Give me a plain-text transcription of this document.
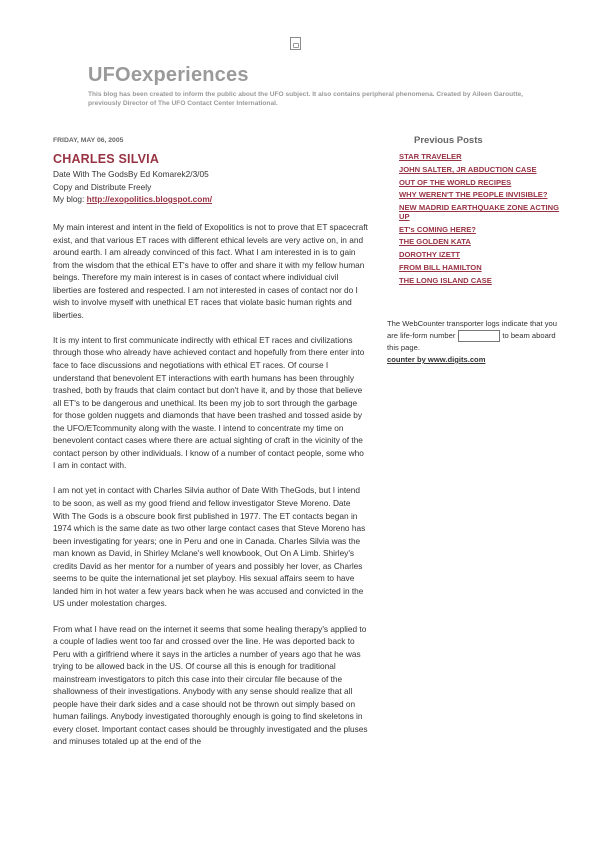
UFOexperiences

This blog has been created to inform the public about the UFO subject. It also contains peripheral phenomena. Created by Aileen Garoutte, previously Director of The UFO Contact Center International.

FRIDAY, MAY 06, 2005
CHARLES SILVIA
Date With The GodsBy Ed Komarek2/3/05
Copy and Distribute Freely
My blog: http://exopolitics.blogspot.com/

My main interest and intent in the field of Exopolitics is not to prove that ET spacecraft exist, and that various ET races with different ethical levels are very active on, in and around earth. I am already convinced of this fact. What I am interested in is to gain from the wisdom that the ethical ET's have to offer and share it with my fellow human beings. Therefore my main interest is in cases of contact where individual civil liberties are fostered and respected. I am not interested in cases of contact nor do I wish to involve myself with unethical ET races that violate basic human rights and liberties.

It is my intent to first communicate indirectly with ethical ET races and civilizations through those who already have achieved contact and hopefully from there enter into face to face discussions and negotiations with ethical ET races. Of course I understand that benevolent ET interactions with earth humans has been throughly trashed, both by frauds that claim contact but don't have it, and by those that believe all ET's to be dangerous and unethical. Its been my job to sort through the garbage for those golden nuggets and diamonds that have been trashed and tossed aside by the UFO/ETcommunity along with the waste. I intend to concentrate my time on benevolent contact cases where there are actual sighting of craft in the vicinity of the contact person by other individuals. I know of a number of contact people, some who I am in contact with.

I am not yet in contact with Charles Silvia author of Date With TheGods, but I intend to be soon, as well as my good friend and fellow investigator Steve Moreno. Date With The Gods is a obscure book first published in 1977. The ET contacts began in 1974 which is the same date as two other large contact cases that Steve Moreno has been investigating for years; one in Peru and one in Canada. Charles Silvia was the man known as David, in Shirley Mclane's well knowbook, Out On A Limb. Shirley's credits David as her mentor for a number of years and possibly her lover, as Charles seems to be quite the international jet set playboy. His sexual affairs seem to have landed him in hot water a few years back when he was accused and convicted in the US under molestation charges.

From what I have read on the internet it seems that some healing therapy's applied to a couple of ladies went too far and crossed over the line. He was deported back to Peru with a girlfriend where it says in the articles a number of years ago that he was trying to be allowed back in the US. Of course all this is enough for traditional mainstream investigators to pitch this case into their circular file because of the shallowness of their investigations. Anybody with any sense should realize that all people have their dark sides and a case should not be thrown out simply based on human failings. Anybody investigated thoroughly enough is going to find skeletons in every closet. Important contact cases should be throughly investigated and the pluses and minuses totaled up at the end of the

Previous Posts
STAR TRAVELER
JOHN SALTER, JR ABDUCTION CASE
OUT OF THE WORLD RECIPES
WHY WEREN'T THE PEOPLE INVISIBLE?
NEW MADRID EARTHQUAKE ZONE ACTING UP
ET's COMING HERE?
THE GOLDEN KATA
DOROTHY IZETT
FROM BILL HAMILTON
THE LONG ISLAND CASE
The WebCounter transporter logs indicate that you are life-form number	to beam aboard this page.
counter by www.digits.com
